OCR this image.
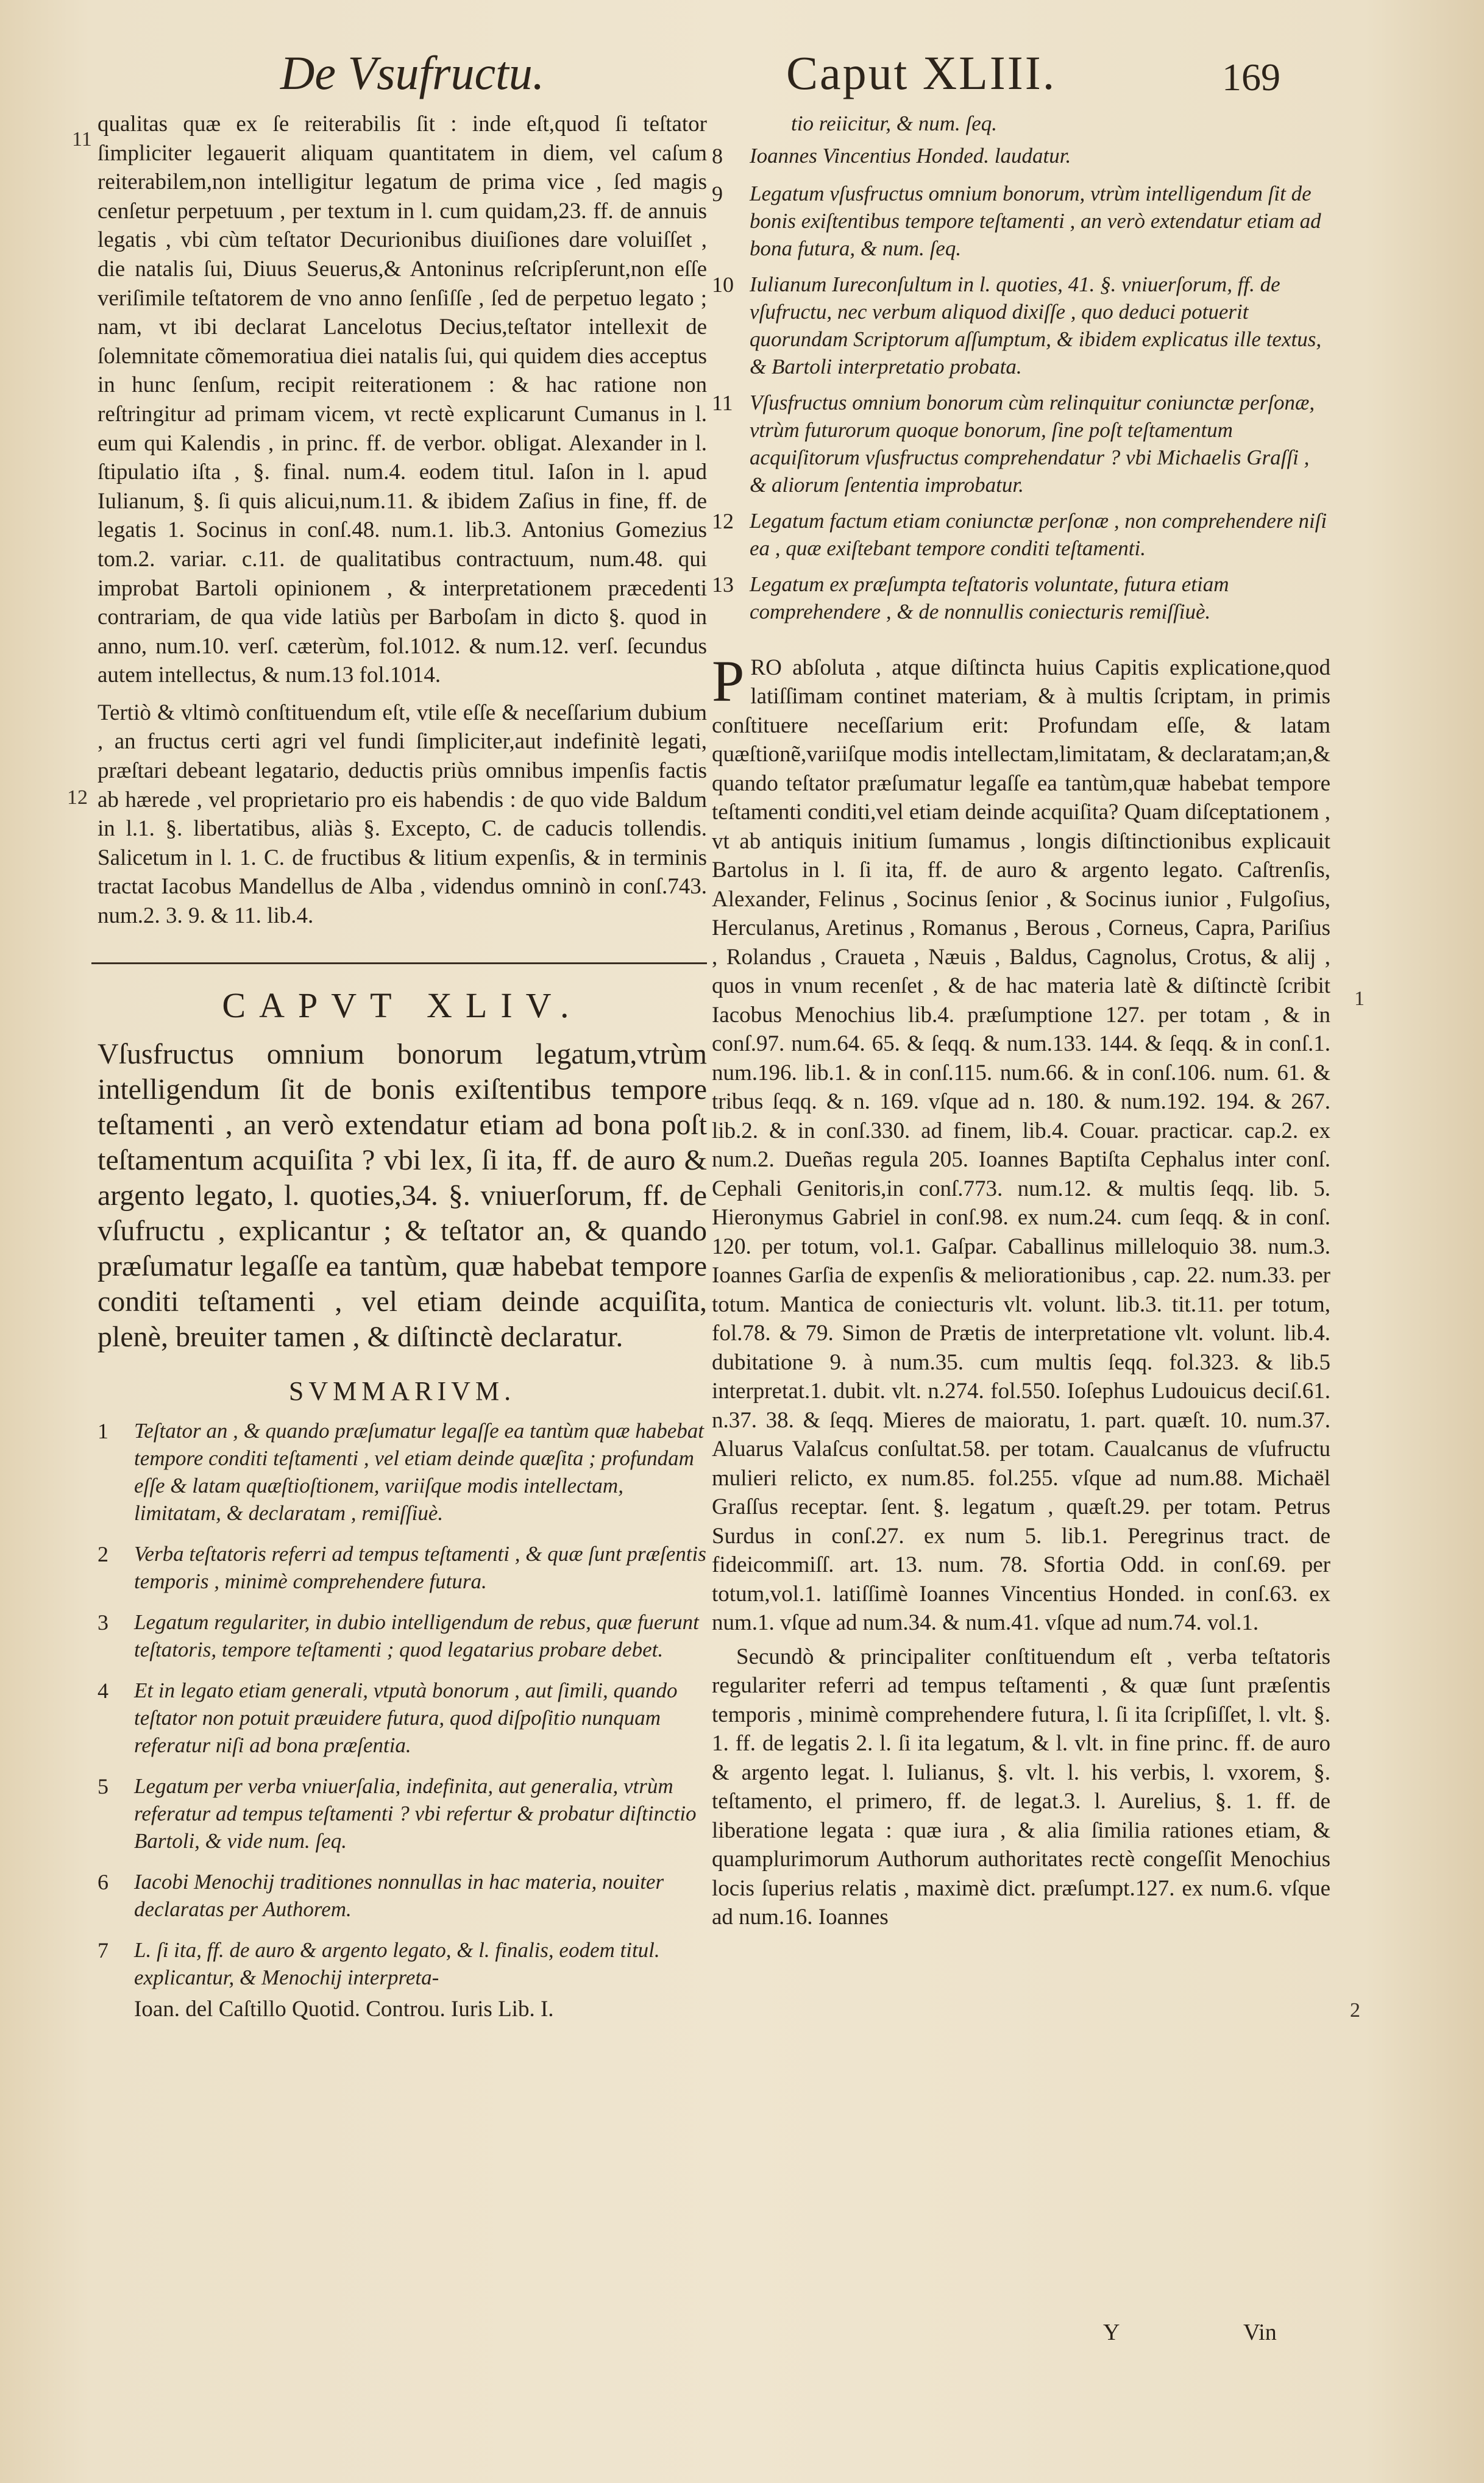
De Vsufructu.	Caput XLIII.	169
11
12
1
2

qualitas quæ ex ſe reiterabilis ſit : inde eſt,quod ſi teſtator ſimpliciter legauerit aliquam quantitatem in diem, vel caſum reiterabilem,non intelligitur legatum de prima vice , ſed magis cenſetur perpetuum , per textum in l. cum quidam,23. ff. de annuis legatis , vbi cùm teſtator Decurionibus diuiſiones dare voluiſſet , die natalis ſui, Diuus Seuerus,& Antoninus reſcripſerunt,non eſſe veriſimile teſtatorem de vno anno ſenſiſſe , ſed de perpetuo legato ; nam, vt ibi declarat Lancelotus Decius,teſtator intellexit de ſolemnitate cõmemoratiua diei natalis ſui, qui quidem dies acceptus in hunc ſenſum, recipit reiterationem : & hac ratione non reſtringitur ad primam vicem, vt rectè explicarunt Cumanus in l. eum qui Kalendis , in princ. ff. de verbor. obligat. Alexander in l. ſtipulatio iſta , §. final. num.4. eodem titul. Iaſon in l. apud Iulianum, §. ſi quis alicui,num.11. & ibidem Zaſius in fine, ff. de legatis 1. Socinus in conſ.48. num.1. lib.3. Antonius Gomezius tom.2. variar. c.11. de qualitatibus contractuum, num.48. qui improbat Bartoli opinionem , & interpretationem præcedenti contrariam, de qua vide latiùs per Barboſam in dicto §. quod in anno, num.10. verſ. cæterùm, fol.1012. & num.12. verſ. ſecundus autem intellectus, & num.13 fol.1014.

Tertiò & vltimò conſtituendum eſt, vtile eſſe & neceſſarium dubium , an fructus certi agri vel fundi ſimpliciter,aut indefinitè legati, præſtari debeant legatario, deductis priùs omnibus impenſis factis ab hærede , vel proprietario pro eis habendis : de quo vide Baldum in l.1. §. libertatibus, aliàs §. Excepto, C. de caducis tollendis. Salicetum in l. 1. C. de fructibus & litium expenſis, & in terminis tractat Iacobus Mandellus de Alba , videndus omninò in conſ.743. num.2. 3. 9. & 11. lib.4.

CAPVT XLIV.
Vſusfructus omnium bonorum legatum,vtrùm intelligendum ſit de bonis exiſtentibus tempore teſtamenti , an verò extendatur etiam ad bona poſt teſtamentum acquiſita ? vbi lex, ſi ita, ff. de auro & argento legato, l. quoties,34. §. vniuerſorum, ff. de vſufructu , explicantur ; & teſtator an, & quando præſumatur legaſſe ea tantùm, quæ habebat tempore conditi teſtamenti , vel etiam deinde acquiſita, plenè, breuiter tamen , & diſtinctè declaratur.
SVMMARIVM.
1	Teſtator an , & quando præſumatur legaſſe ea tantùm quæ habebat tempore conditi teſtamenti , vel etiam deinde quæſita ; profundam eſſe & latam quæſtioſtionem, variiſque modis intellectam, limitatam, & declaratam , remiſſiuè.
2	Verba teſtatoris referri ad tempus teſtamenti , & quæ ſunt præſentis temporis , minimè comprehendere futura.
3	Legatum regulariter, in dubio intelligendum de rebus, quæ fuerunt teſtatoris, tempore teſtamenti ; quod legatarius probare debet.
4	Et in legato etiam generali, vtputà bonorum , aut ſimili, quando teſtator non potuit præuidere futura, quod diſpoſitio nunquam referatur niſi ad bona præſentia.
5	Legatum per verba vniuerſalia, indefinita, aut generalia, vtrùm referatur ad tempus teſtamenti ? vbi refertur & probatur diſtinctio Bartoli, & vide num. ſeq.
6	Iacobi Menochij traditiones nonnullas in hac materia, nouiter declaratas per Authorem.
7	L. ſi ita, ff. de auro & argento legato, & l. finalis, eodem titul. explicantur, & Menochij interpreta-
Ioan. del Caſtillo Quotid. Controu. Iuris Lib. I.
tio reiicitur, & num. ſeq.
8	Ioannes Vincentius Honded. laudatur.
9	Legatum vſusfructus omnium bonorum, vtrùm intelligendum ſit de bonis exiſtentibus tempore teſtamenti , an verò extendatur etiam ad bona futura, & num. ſeq.
10 Iulianum Iureconſultum in l. quoties, 41. §. vniuerſorum, ff. de vſufructu, nec verbum aliquod dixiſſe , quo deduci potuerit quorundam Scriptorum aſſumptum, & ibidem explicatus ille textus, & Bartoli interpretatio probata.
11 Vſusfructus omnium bonorum cùm relinquitur coniunctæ perſonæ, vtrùm futurorum quoque bonorum, ſine poſt teſtamentum acquiſitorum vſusfructus comprehendatur ? vbi Michaelis Graſſi , & aliorum ſententia improbatur.
12 Legatum factum etiam coniunctæ perſonæ , non comprehendere niſi ea , quæ exiſtebant tempore conditi teſtamenti.
13 Legatum ex præſumpta teſtatoris voluntate, futura etiam comprehendere , & de nonnullis coniecturis remiſſiuè.
P RO abſoluta , atque diſtincta huius Capitis explicatione,quod latiſſimam continet materiam, & à multis ſcriptam, in primis conſtituere neceſſarium erit: Profundam eſſe, & latam quæſtionẽ,variiſque modis intellectam,limitatam, & declaratam;an,& quando teſtator præſumatur legaſſe ea tantùm,quæ habebat tempore teſtamenti conditi,vel etiam deinde acquiſita? Quam diſceptationem , vt ab antiquis initium ſumamus , longis diſtinctionibus explicauit Bartolus in l. ſi ita, ff. de auro & argento legato. Caſtrenſis, Alexander, Felinus , Socinus ſenior , & Socinus iunior , Fulgoſius, Herculanus, Aretinus , Romanus , Berous , Corneus, Capra, Pariſius , Rolandus , Craueta , Næuis , Baldus, Cagnolus, Crotus, & alij , quos in vnum recenſet , & de hac materia latè & diſtinctè ſcribit Iacobus Menochius lib.4. præſumptione 127. per totam , & in conſ.97. num.64. 65. & ſeqq. & num.133. 144. & ſeqq. & in conſ.1. num.196. lib.1. & in conſ.115. num.66. & in conſ.106. num. 61. & tribus ſeqq. & n. 169. vſque ad n. 180. & num.192. 194. & 267. lib.2. & in conſ.330. ad finem, lib.4. Couar. practicar. cap.2. ex num.2. Dueñas regula 205. Ioannes Baptiſta Cephalus inter conſ. Cephali Genitoris,in conſ.773. num.12. & multis ſeqq. lib. 5. Hieronymus Gabriel in conſ.98. ex num.24. cum ſeqq. & in conſ. 120. per totum, vol.1. Gaſpar. Caballinus milleloquio 38. num.3. Ioannes Garſia de expenſis & meliorationibus , cap. 22. num.33. per totum. Mantica de coniecturis vlt. volunt. lib.3. tit.11. per totum, fol.78. & 79. Simon de Prætis de interpretatione vlt. volunt. lib.4. dubitatione 9. à num.35. cum multis ſeqq. fol.323. & lib.5 interpretat.1. dubit. vlt. n.274. fol.550. Ioſephus Ludouicus deciſ.61. n.37. 38. & ſeqq. Mieres de maioratu, 1. part. quæſt. 10. num.37. Aluarus Valaſcus conſultat.58. per totam. Caualcanus de vſufructu mulieri relicto, ex num.85. fol.255. vſque ad num.88. Michaël Graſſus receptar. ſent. §. legatum , quæſt.29. per totam. Petrus Surdus in conſ.27. ex num 5. lib.1. Peregrinus tract. de fideicommiſſ. art. 13. num. 78. Sfortia Odd. in conſ.69. per totum,vol.1. latiſſimè Ioannes Vincentius Honded. in conſ.63. ex num.1. vſque ad num.34. & num.41. vſque ad num.74. vol.1.
Secundò & principaliter conſtituendum eſt , verba teſtatoris regulariter referri ad tempus teſtamenti , & quæ ſunt præſentis temporis , minimè comprehendere futura, l. ſi ita ſcripſiſſet, l. vlt. §. 1. ff. de legatis 2. l. ſi ita legatum, & l. vlt. in fine princ. ff. de auro & argento legat. l. Iulianus, §. vlt. l. his verbis, l. vxorem, §. teſtamento, el primero, ff. de legat.3. l. Aurelius, §. 1. ff. de liberatione legata : quæ iura , & alia ſimilia rationes etiam, & quamplurimorum Authorum authoritates rectè congeſſit Menochius locis ſuperius relatis , maximè dict. præſumpt.127. ex num.6. vſque ad num.16. Ioannes
Y	Vin
